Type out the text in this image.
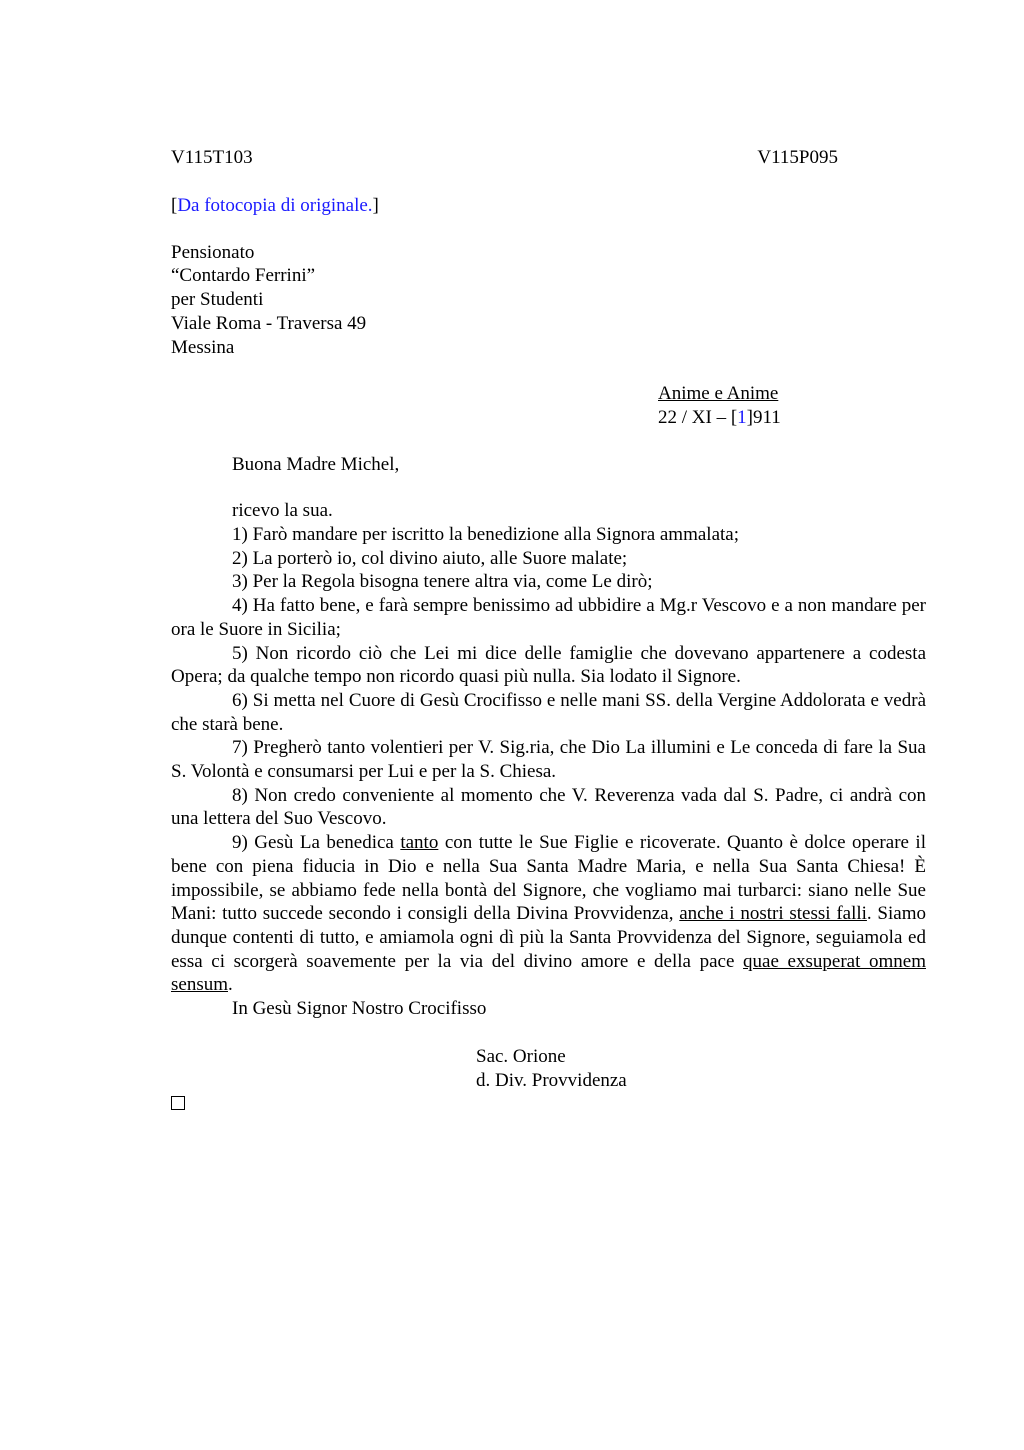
V115T103	V115P095
[Da fotocopia di originale.]
Pensionato
“Contardo Ferrini”
per Studenti
Viale Roma - Traversa 49
Messina
Anime e Anime
22 / XI – [1]911
Buona Madre Michel,
ricevo la sua.
1) Farò mandare per iscritto la benedizione alla Signora ammalata;
2) La porterò io, col divino aiuto, alle Suore malate;
3) Per la Regola bisogna tenere altra via, come Le dirò;
4) Ha fatto bene, e farà sempre benissimo ad ubbidire a Mg.r Vescovo e a non mandare per ora le Suore in Sicilia;
5) Non ricordo ciò che Lei mi dice delle famiglie che dovevano appartenere a codesta Opera; da qualche tempo non ricordo quasi più nulla. Sia lodato il Signore.
6) Si metta nel Cuore di Gesù Crocifisso e nelle mani SS. della Vergine Addolorata e vedrà che starà bene.
7) Pregherò tanto volentieri per V. Sig.ria, che Dio La illumini e Le conceda di fare la Sua S. Volontà e consumarsi per Lui e per la S. Chiesa.
8) Non credo conveniente al momento che V. Reverenza vada dal S. Padre, ci andrà con una lettera del Suo Vescovo.
9) Gesù La benedica tanto con tutte le Sue Figlie e ricoverate. Quanto è dolce operare il bene con piena fiducia in Dio e nella Sua Santa Madre Maria, e nella Sua Santa Chiesa! È impossibile, se abbiamo fede nella bontà del Signore, che vogliamo mai turbarci: siano nelle Sue Mani: tutto succede secondo i consigli della Divina Provvidenza, anche i nostri stessi falli. Siamo dunque contenti di tutto, e amiamola ogni dì più la Santa Provvidenza del Signore, seguiamola ed essa ci scorgerà soavemente per la via del divino amore e della pace quae exsuperat omnem sensum.
In Gesù Signor Nostro Crocifisso
Sac. Orione
d. Div. Provvidenza
